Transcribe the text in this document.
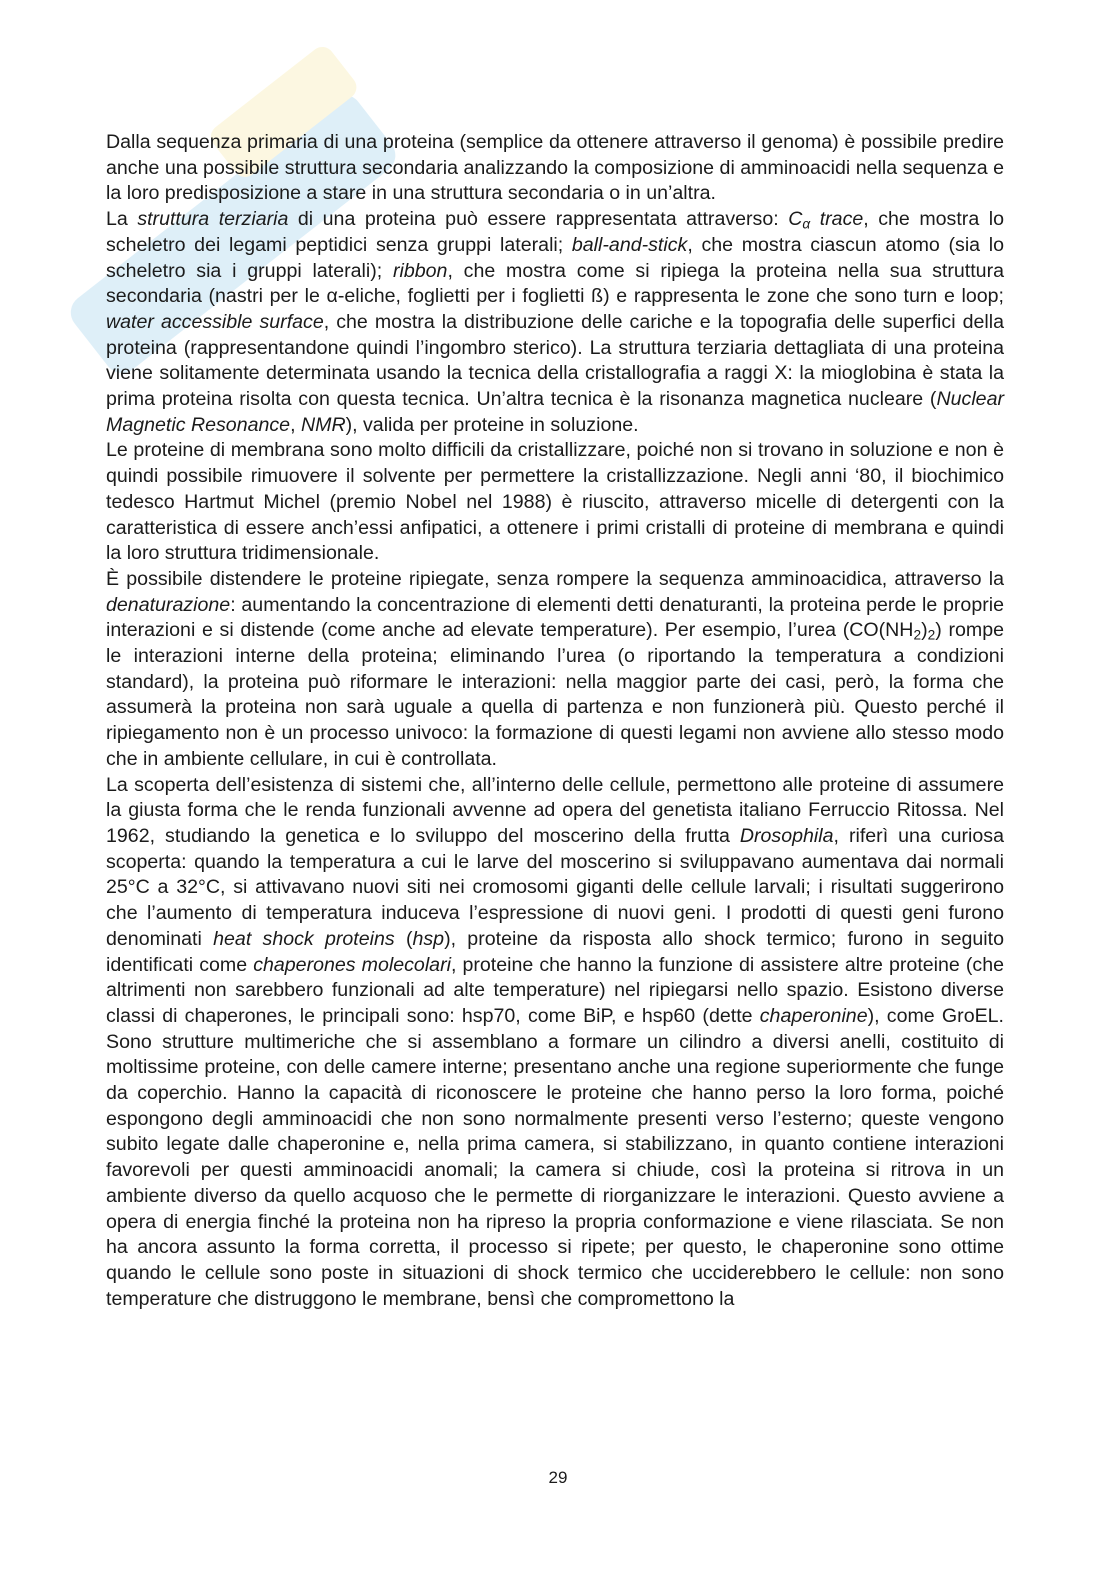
Dalla sequenza primaria di una proteina (semplice da ottenere attraverso il genoma) è possibile predire anche una possibile struttura secondaria analizzando la composizione di amminoacidi nella sequenza e la loro predisposizione a stare in una struttura secondaria o in un’altra.

La struttura terziaria di una proteina può essere rappresentata attraverso: $C_\alpha$ trace, che mostra lo scheletro dei legami peptidici senza gruppi laterali; ball-and-stick, che mostra ciascun atomo (sia lo scheletro sia i gruppi laterali); ribbon, che mostra come si ripiega la proteina nella sua struttura secondaria (nastri per le α-eliche, foglietti per i foglietti ß) e rappresenta le zone che sono turn e loop; water accessible surface, che mostra la distribuzione delle cariche e la topografia delle superfici della proteina (rappresentandone quindi l’ingombro sterico). La struttura terziaria dettagliata di una proteina viene solitamente determinata usando la tecnica della cristallografia a raggi X: la mioglobina è stata la prima proteina risolta con questa tecnica. Un’altra tecnica è la risonanza magnetica nucleare (Nuclear Magnetic Resonance, NMR), valida per proteine in soluzione.

Le proteine di membrana sono molto difficili da cristallizzare, poiché non si trovano in soluzione e non è quindi possibile rimuovere il solvente per permettere la cristallizzazione. Negli anni ‘80, il biochimico tedesco Hartmut Michel (premio Nobel nel 1988) è riuscito, attraverso micelle di detergenti con la caratteristica di essere anch’essi anfipatici, a ottenere i primi cristalli di proteine di membrana e quindi la loro struttura tridimensionale.

È possibile distendere le proteine ripiegate, senza rompere la sequenza amminoacidica, attraverso la denaturazione: aumentando la concentrazione di elementi detti denaturanti, la proteina perde le proprie interazioni e si distende (come anche ad elevate temperature). Per esempio, l’urea $(CO(NH_2)_2)$ rompe le interazioni interne della proteina; eliminando l’urea (o riportando la temperatura a condizioni standard), la proteina può riformare le interazioni: nella maggior parte dei casi, però, la forma che assumerà la proteina non sarà uguale a quella di partenza e non funzionerà più. Questo perché il ripiegamento non è un processo univoco: la formazione di questi legami non avviene allo stesso modo che in ambiente cellulare, in cui è controllata.

La scoperta dell’esistenza di sistemi che, all’interno delle cellule, permettono alle proteine di assumere la giusta forma che le renda funzionali avvenne ad opera del genetista italiano Ferruccio Ritossa. Nel 1962, studiando la genetica e lo sviluppo del moscerino della frutta Drosophila, riferì una curiosa scoperta: quando la temperatura a cui le larve del moscerino si sviluppavano aumentava dai normali 25°C a 32°C, si attivavano nuovi siti nei cromosomi giganti delle cellule larvali; i risultati suggerirono che l’aumento di temperatura induceva l’espressione di nuovi geni. I prodotti di questi geni furono denominati heat shock proteins (hsp), proteine da risposta allo shock termico; furono in seguito identificati come chaperones molecolari, proteine che hanno la funzione di assistere altre proteine (che altrimenti non sarebbero funzionali ad alte temperature) nel ripiegarsi nello spazio. Esistono diverse classi di chaperones, le principali sono: hsp70, come BiP, e hsp60 (dette chaperonine), come GroEL. Sono strutture multimeriche che si assemblano a formare un cilindro a diversi anelli, costituito di moltissime proteine, con delle camere interne; presentano anche una regione superiormente che funge da coperchio. Hanno la capacità di riconoscere le proteine che hanno perso la loro forma, poiché espongono degli amminoacidi che non sono normalmente presenti verso l’esterno; queste vengono subito legate dalle chaperonine e, nella prima camera, si stabilizzano, in quanto contiene interazioni favorevoli per questi amminoacidi anomali; la camera si chiude, così la proteina si ritrova in un ambiente diverso da quello acquoso che le permette di riorganizzare le interazioni. Questo avviene a opera di energia finché la proteina non ha ripreso la propria conformazione e viene rilasciata. Se non ha ancora assunto la forma corretta, il processo si ripete; per questo, le chaperonine sono ottime quando le cellule sono poste in situazioni di shock termico che ucciderebbero le cellule: non sono temperature che distruggono le membrane, bensì che compromettono la

29
